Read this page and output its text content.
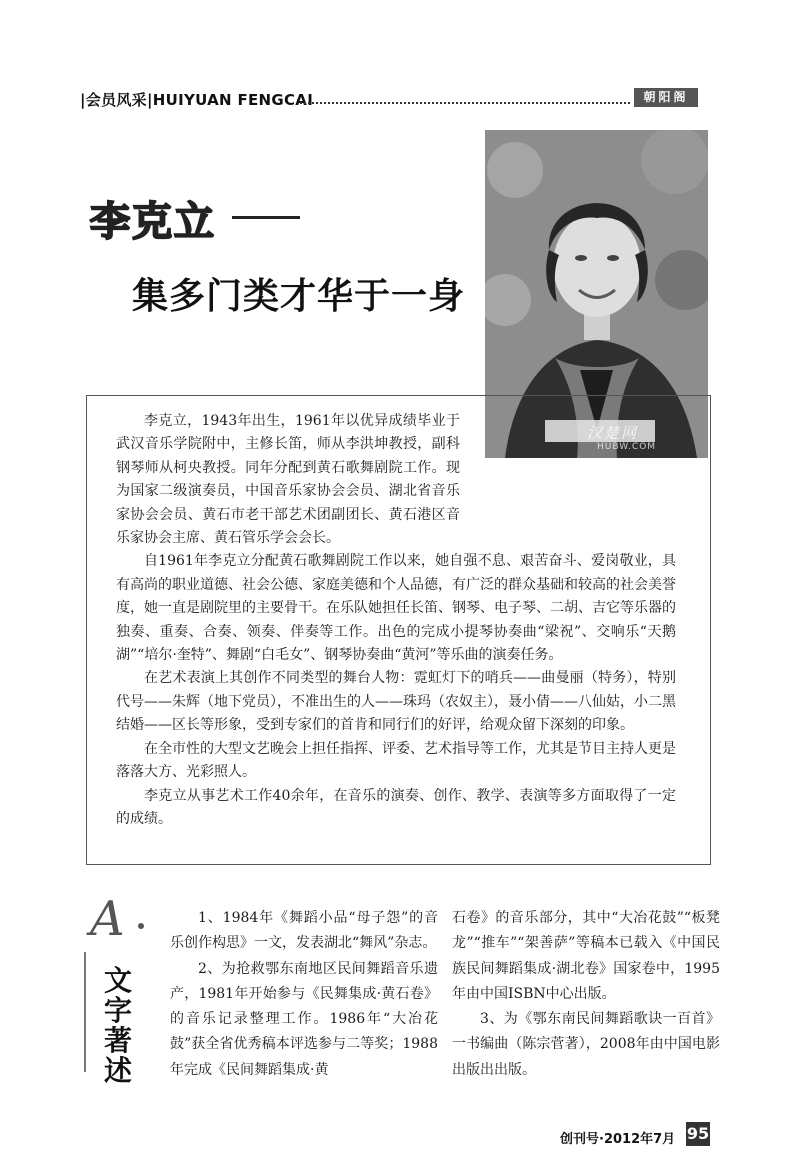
|会员风采|HUIYUAN FENGCAI	朝阳阁
李克立
集多门类才华于一身
汉楚网
HUBW.COM

李克立，1943年出生，1961年以优异成绩毕业于武汉音乐学院附中，主修长笛，师从李洪坤教授，副科钢琴师从柯央教授。同年分配到黄石歌舞剧院工作。现为国家二级演奏员，中国音乐家协会会员、湖北省音乐家协会会员、黄石市老干部艺术团副团长、黄石港区音乐家协会主席、黄石管乐学会会长。

自1961年李克立分配黄石歌舞剧院工作以来，她自强不息、艰苦奋斗、爱岗敬业，具有高尚的职业道德、社会公德、家庭美德和个人品德，有广泛的群众基础和较高的社会美誉度，她一直是剧院里的主要骨干。在乐队她担任长笛、钢琴、电子琴、二胡、吉它等乐器的独奏、重奏、合奏、领奏、伴奏等工作。出色的完成小提琴协奏曲“梁祝”、交响乐“天鹅湖”“培尔·奎特”、舞剧“白毛女”、钢琴协奏曲“黄河”等乐曲的演奏任务。

在艺术表演上其创作不同类型的舞台人物：霓虹灯下的哨兵——曲曼丽（特务），特别代号——朱辉（地下党员），不准出生的人——珠玛（农奴主），聂小倩——八仙姑，小二黑结婚——区长等形象，受到专家们的首肯和同行们的好评，给观众留下深刻的印象。

在全市性的大型文艺晚会上担任指挥、评委、艺术指导等工作，尤其是节目主持人更是落落大方、光彩照人。

李克立从事艺术工作40余年，在音乐的演奏、创作、教学、表演等多方面取得了一定的成绩。

A
文字著述

1、1984年《舞蹈小品“母子怨”的音乐创作构思》一文，发表湖北“舞风”杂志。

2、为抢救鄂东南地区民间舞蹈音乐遗产，1981年开始参与《民舞集成·黄石卷》的音乐记录整理工作。1986年“大冶花鼓”获全省优秀稿本评选参与二等奖；1988年完成《民间舞蹈集成·黄

石卷》的音乐部分，其中“大冶花鼓”“板凳龙”“推车”“架善萨”等稿本已载入《中国民族民间舞蹈集成·湖北卷》国家卷中，1995年由中国ISBN中心出版。

3、为《鄂东南民间舞蹈歌诀一百首》一书编曲（陈宗菅著），2008年由中国电影出版出出版。

创刊号·2012年7月 95
